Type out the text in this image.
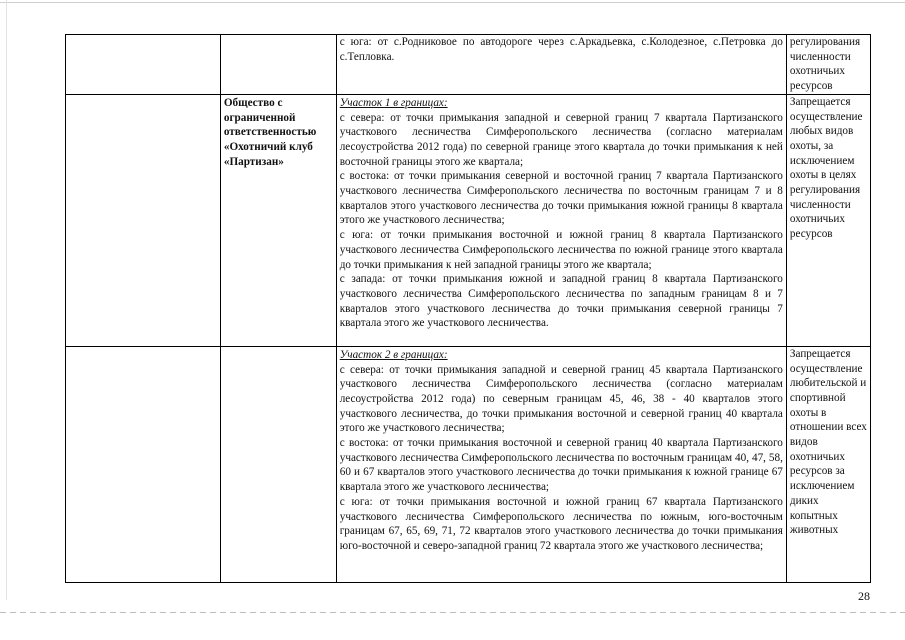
		с юга: от с.Родниковое по автодороге через с.Аркадьевка, с.Колодезное, с.Петровка до с.Тепловка.	регулирования численности охотничьих ресурсов

	Общество с ограниченной ответственностью «Охотничий клуб «Партизан»	Участок 1 в границах:
с севера: от точки примыкания западной и северной границ 7 квартала Партизанского участкового лесничества Симферопольского лесничества (согласно материалам лесоустройства 2012 года) по северной границе этого квартала до точки примыкания к ней восточной границы этого же квартала;
с востока: от точки примыкания северной и восточной границ 7 квартала Партизанского участкового лесничества Симферопольского лесничества по восточным границам 7 и 8 кварталов этого участкового лесничества до точки примыкания южной границы 8 квартала этого же участкового лесничества;
с юга: от точки примыкания восточной и южной границ 8 квартала Партизанского участкового лесничества Симферопольского лесничества по южной границе этого квартала до точки примыкания к ней западной границы этого же квартала;
с запада: от точки примыкания южной и западной границ 8 квартала Партизанского участкового лесничества Симферопольского лесничества по западным границам 8 и 7 кварталов этого участкового лесничества до точки примыкания северной границы 7 квартала этого же участкового лесничества.	Запрещается осуществление любых видов охоты, за исключением охоты в целях регулирования численности охотничьих ресурсов

		Участок 2 в границах:
с севера: от точки примыкания западной и северной границ 45 квартала Партизанского участкового лесничества Симферопольского лесничества (согласно материалам лесоустройства 2012 года) по северным границам 45, 46, 38 - 40 кварталов этого участкового лесничества, до точки примыкания восточной и северной границ 40 квартала этого же участкового лесничества;
с востока: от точки примыкания восточной и северной границ 40 квартала Партизанского участкового лесничества Симферопольского лесничества по восточным границам 40, 47, 58, 60 и 67 кварталов этого участкового лесничества до точки примыкания к южной границе 67 квартала этого же участкового лесничества;
с юга: от точки примыкания восточной и южной границ 67 квартала Партизанского участкового лесничества Симферопольского лесничества по южным, юго-восточным границам 67, 65, 69, 71, 72 кварталов этого участкового лесничества до точки примыкания юго-восточной и северо-западной границ 72 квартала этого же участкового лесничества;	Запрещается осуществление любительской и спортивной охоты в отношении всех видов охотничьих ресурсов за исключением диких копытных животных
28
